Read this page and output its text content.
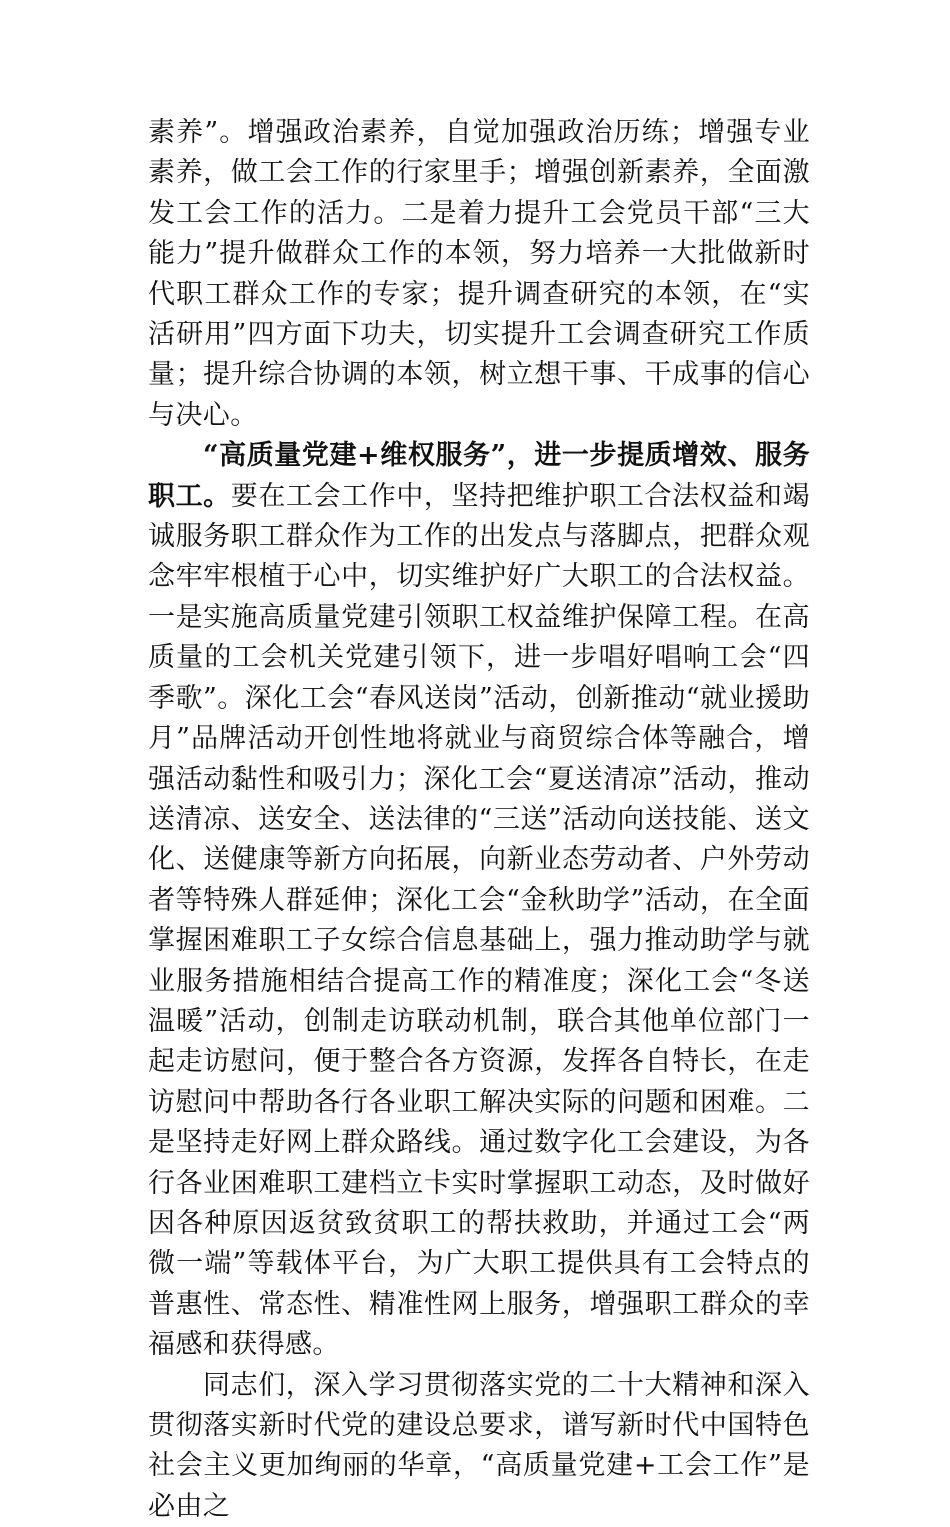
素养”。增强政治素养，自觉加强政治历练；增强专业素养，做工会工作的行家里手；增强创新素养，全面激发工会工作的活力。二是着力提升工会党员干部“三大能力”提升做群众工作的本领，努力培养一大批做新时代职工群众工作的专家；提升调查研究的本领，在“实活研用”四方面下功夫，切实提升工会调查研究工作质量；提升综合协调的本领，树立想干事、干成事的信心与决心。

“高质量党建+维权服务”，进一步提质增效、服务职工。要在工会工作中，坚持把维护职工合法权益和竭诚服务职工群众作为工作的出发点与落脚点，把群众观念牢牢根植于心中，切实维护好广大职工的合法权益。一是实施高质量党建引领职工权益维护保障工程。在高质量的工会机关党建引领下，进一步唱好唱响工会“四季歌”。深化工会“春风送岗”活动，创新推动“就业援助月”品牌活动开创性地将就业与商贸综合体等融合，增强活动黏性和吸引力；深化工会“夏送清凉”活动，推动送清凉、送安全、送法律的“三送”活动向送技能、送文化、送健康等新方向拓展，向新业态劳动者、户外劳动者等特殊人群延伸；深化工会“金秋助学”活动，在全面掌握困难职工子女综合信息基础上，强力推动助学与就业服务措施相结合提高工作的精准度；深化工会“冬送温暖”活动，创制走访联动机制，联合其他单位部门一起走访慰问，便于整合各方资源，发挥各自特长，在走访慰问中帮助各行各业职工解决实际的问题和困难。二是坚持走好网上群众路线。通过数字化工会建设，为各行各业困难职工建档立卡实时掌握职工动态，及时做好因各种原因返贫致贫职工的帮扶救助，并通过工会“两微一端”等载体平台，为广大职工提供具有工会特点的普惠性、常态性、精准性网上服务，增强职工群众的幸福感和获得感。

同志们，深入学习贯彻落实党的二十大精神和深入贯彻落实新时代党的建设总要求，谱写新时代中国特色社会主义更加绚丽的华章，“高质量党建+工会工作”是必由之
